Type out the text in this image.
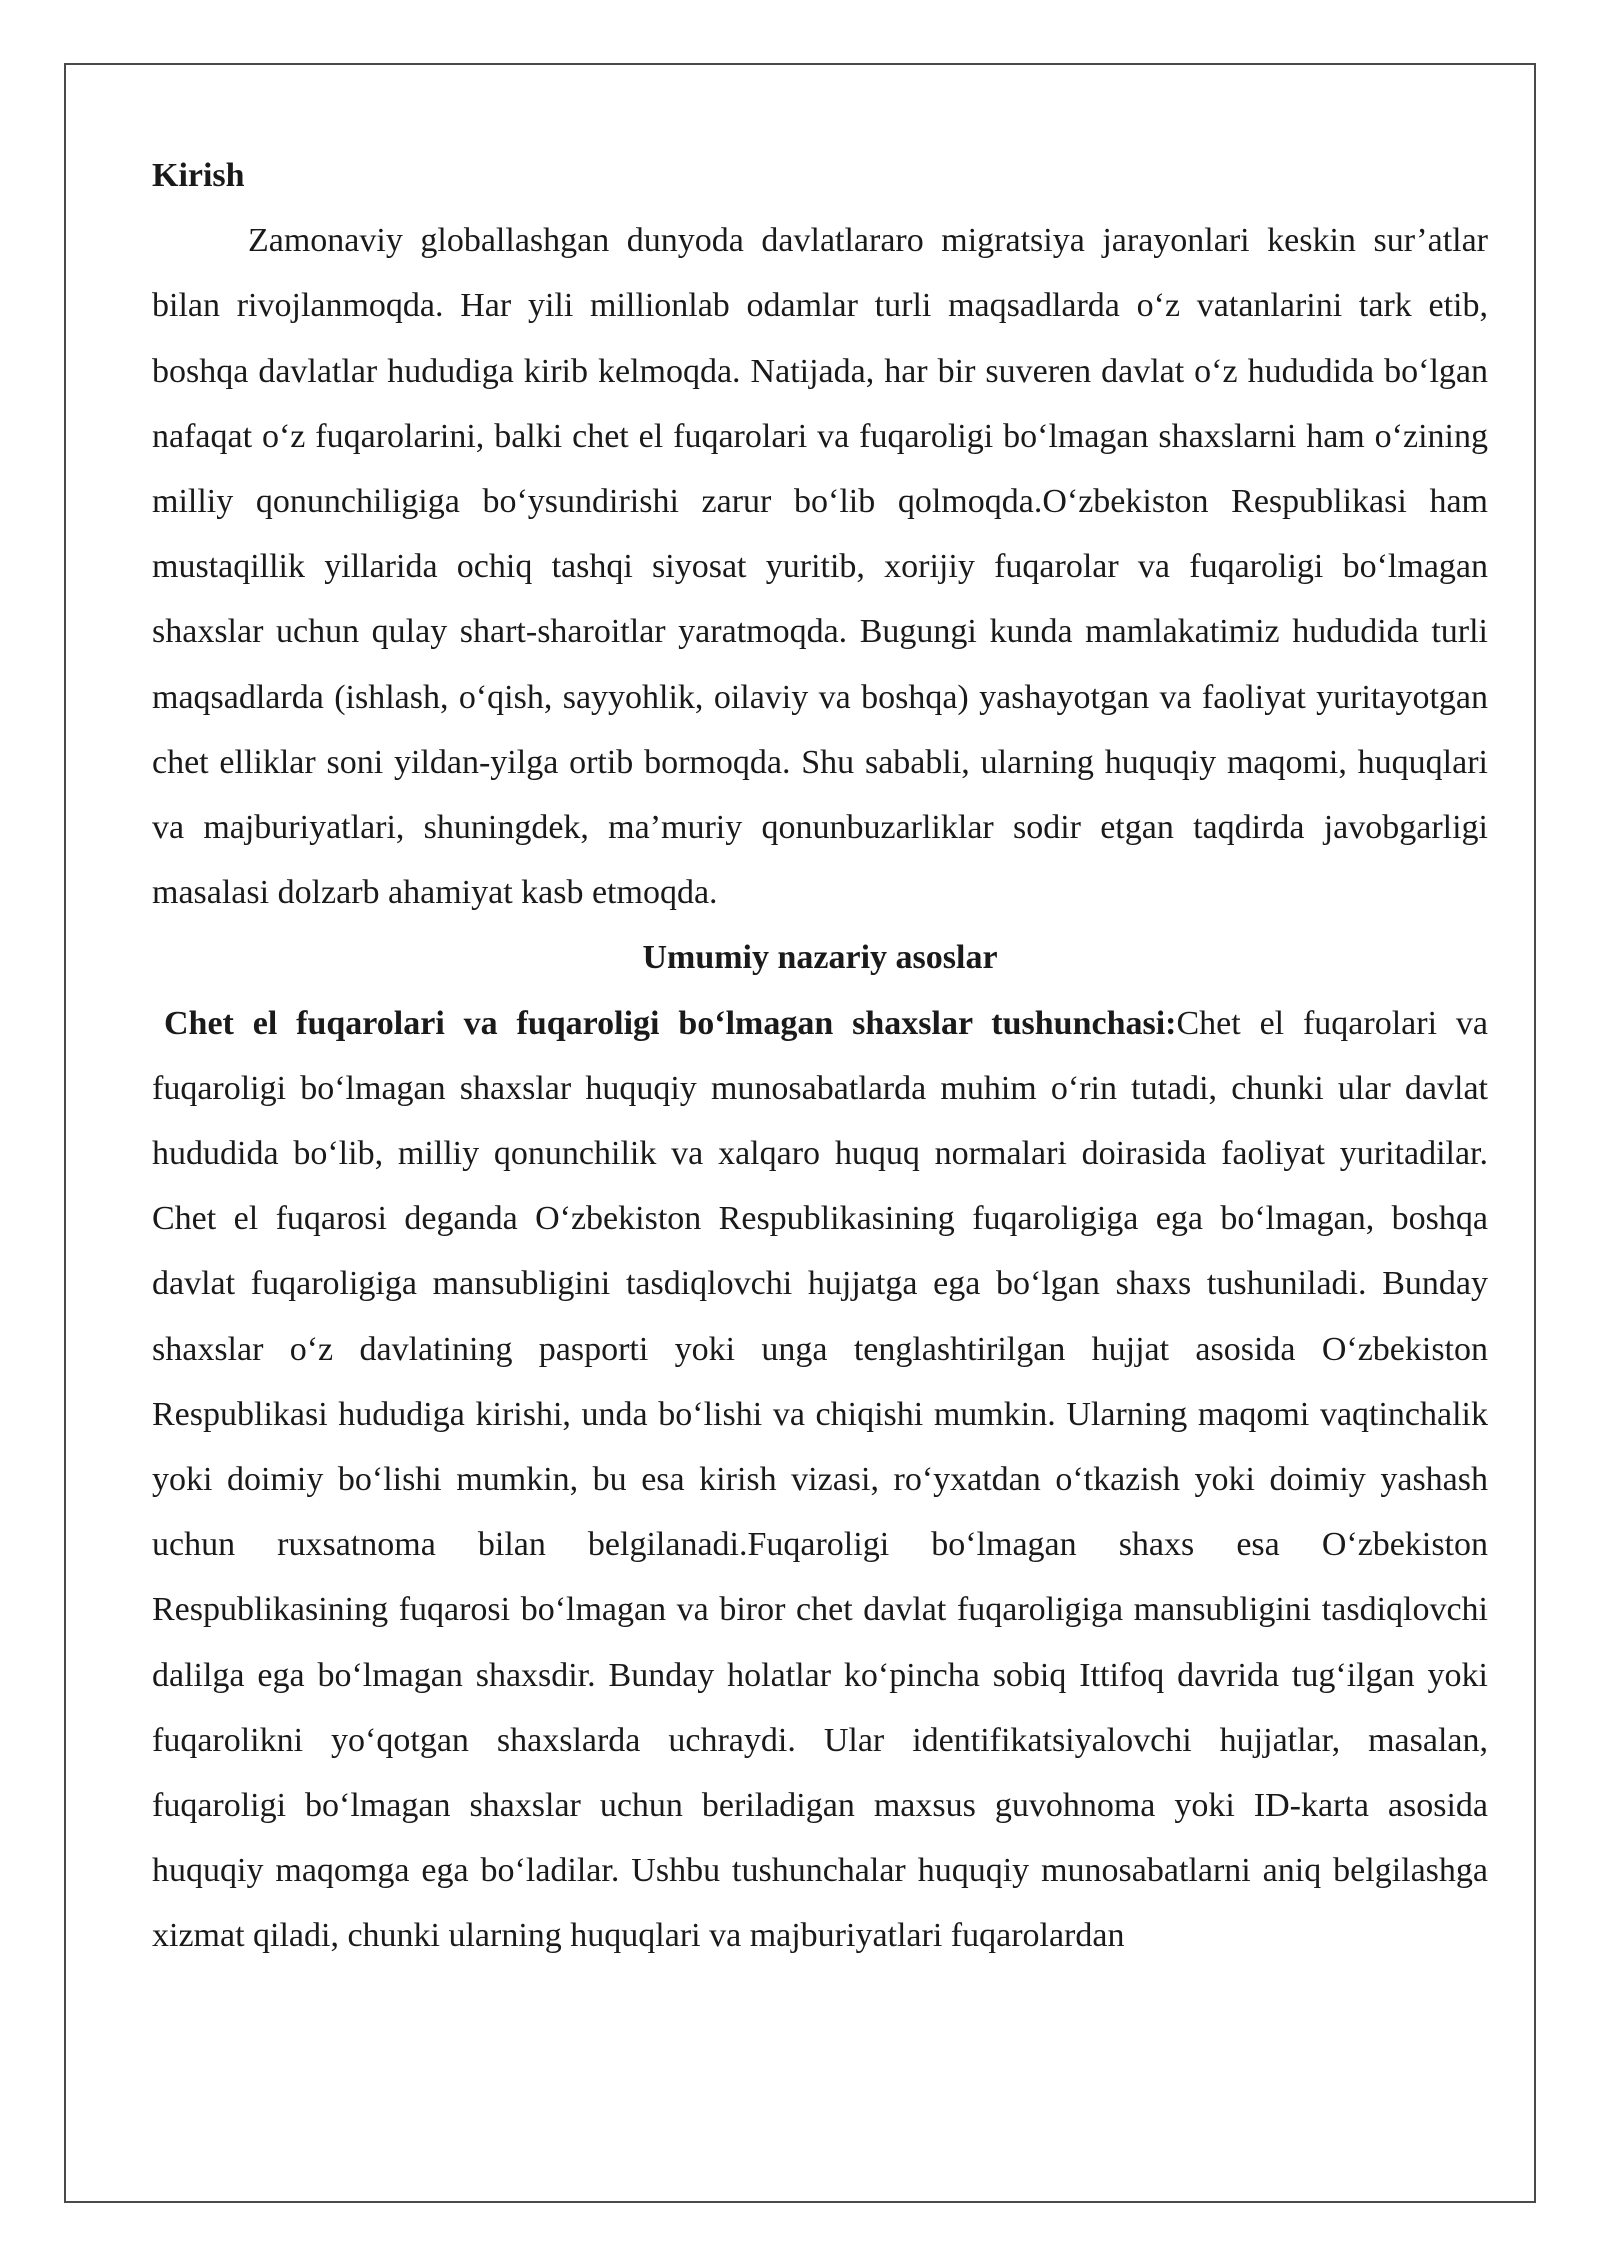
Kirish

Zamonaviy globallashgan dunyoda davlatlararo migratsiya jarayonlari keskin sur’atlar bilan rivojlanmoqda. Har yili millionlab odamlar turli maqsadlarda o‘z vatanlarini tark etib, boshqa davlatlar hududiga kirib kelmoqda. Natijada, har bir suveren davlat o‘z hududida bo‘lgan nafaqat o‘z fuqarolarini, balki chet el fuqarolari va fuqaroligi bo‘lmagan shaxslarni ham o‘zining milliy qonunchiligiga bo‘ysundirishi zarur bo‘lib qolmoqda.O‘zbekiston Respublikasi ham mustaqillik yillarida ochiq tashqi siyosat yuritib, xorijiy fuqarolar va fuqaroligi bo‘lmagan shaxslar uchun qulay shart-sharoitlar yaratmoqda. Bugungi kunda mamlakatimiz hududida turli maqsadlarda (ishlash, o‘qish, sayyohlik, oilaviy va boshqa) yashayotgan va faoliyat yuritayotgan chet elliklar soni yildan-yilga ortib bormoqda. Shu sababli, ularning huquqiy maqomi, huquqlari va majburiyatlari, shuningdek, ma’muriy qonunbuzarliklar sodir etgan taqdirda javobgarligi masalasi dolzarb ahamiyat kasb etmoqda.

Umumiy nazariy asoslar

Chet el fuqarolari va fuqaroligi bo‘lmagan shaxslar tushunchasi:Chet el fuqarolari va fuqaroligi bo‘lmagan shaxslar huquqiy munosabatlarda muhim o‘rin tutadi, chunki ular davlat hududida bo‘lib, milliy qonunchilik va xalqaro huquq normalari doirasida faoliyat yuritadilar. Chet el fuqarosi deganda O‘zbekiston Respublikasining fuqaroligiga ega bo‘lmagan, boshqa davlat fuqaroligiga mansubligini tasdiqlovchi hujjatga ega bo‘lgan shaxs tushuniladi. Bunday shaxslar o‘z davlatining pasporti yoki unga tenglashtirilgan hujjat asosida O‘zbekiston Respublikasi hududiga kirishi, unda bo‘lishi va chiqishi mumkin. Ularning maqomi vaqtinchalik yoki doimiy bo‘lishi mumkin, bu esa kirish vizasi, ro‘yxatdan o‘tkazish yoki doimiy yashash uchun ruxsatnoma bilan belgilanadi.Fuqaroligi bo‘lmagan shaxs esa O‘zbekiston Respublikasining fuqarosi bo‘lmagan va biror chet davlat fuqaroligiga mansubligini tasdiqlovchi dalilga ega bo‘lmagan shaxsdir. Bunday holatlar ko‘pincha sobiq Ittifoq davrida tug‘ilgan yoki fuqarolikni yo‘qotgan shaxslarda uchraydi. Ular identifikatsiyalovchi hujjatlar, masalan, fuqaroligi bo‘lmagan shaxslar uchun beriladigan maxsus guvohnoma yoki ID-karta asosida huquqiy maqomga ega bo‘ladilar. Ushbu tushunchalar huquqiy munosabatlarni aniq belgilashga xizmat qiladi, chunki ularning huquqlari va majburiyatlari fuqarolardan
